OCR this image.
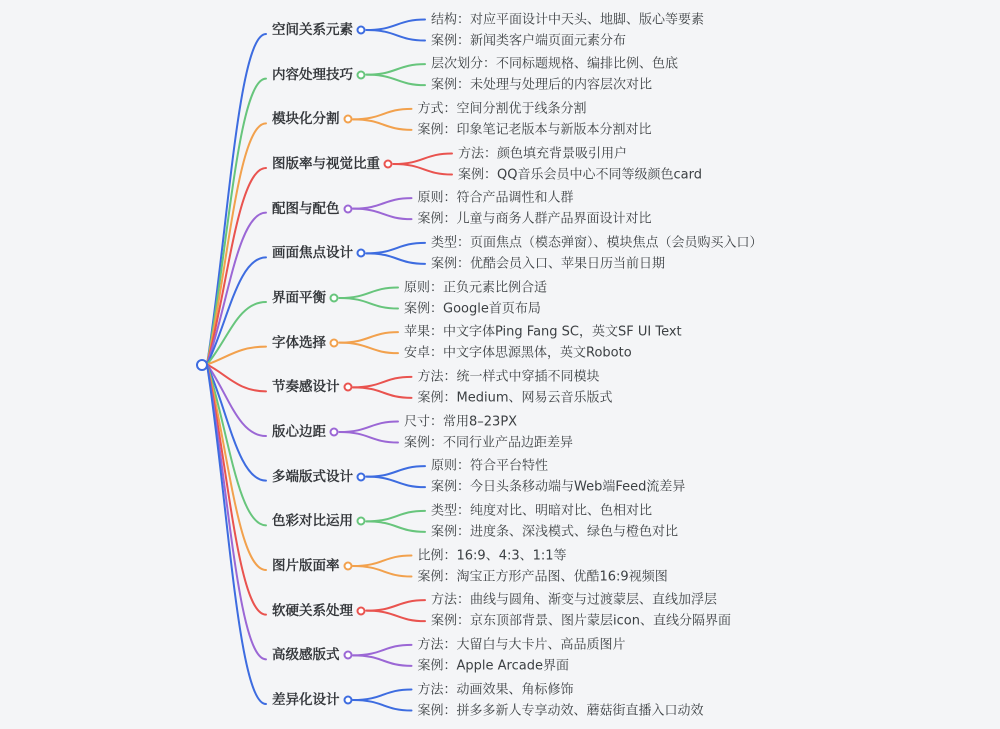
空间关系元素
结构：对应平面设计中天头、地脚、版心等要素
案例：新闻类客户端页面元素分布
内容处理技巧
层次划分：不同标题规格、编排比例、色底
案例：未处理与处理后的内容层次对比
模块化分割
方式：空间分割优于线条分割
案例：印象笔记老版本与新版本分割对比
图版率与视觉比重
方法：颜色填充背景吸引用户
案例：QQ音乐会员中心不同等级颜色card
配图与配色
原则：符合产品调性和人群
案例：儿童与商务人群产品界面设计对比
画面焦点设计
类型：页面焦点（模态弹窗）、模块焦点（会员购买入口）
案例：优酷会员入口、苹果日历当前日期
界面平衡
原则：正负元素比例合适
案例：Google首页布局
字体选择
苹果：中文字体Ping Fang SC，英文SF UI Text
安卓：中文字体思源黑体，英文Roboto
节奏感设计
方法：统一样式中穿插不同模块
案例：Medium、网易云音乐版式
版心边距
尺寸：常用8–23PX
案例：不同行业产品边距差异
多端版式设计
原则：符合平台特性
案例：今日头条移动端与Web端Feed流差异
色彩对比运用
类型：纯度对比、明暗对比、色相对比
案例：进度条、深浅模式、绿色与橙色对比
图片版面率
比例：16:9、4:3、1:1等
案例：淘宝正方形产品图、优酷16:9视频图
软硬关系处理
方法：曲线与圆角、渐变与过渡蒙层、直线加浮层
案例：京东顶部背景、图片蒙层icon、直线分隔界面
高级感版式
方法：大留白与大卡片、高品质图片
案例：Apple Arcade界面
差异化设计
方法：动画效果、角标修饰
案例：拼多多新人专享动效、蘑菇街直播入口动效
